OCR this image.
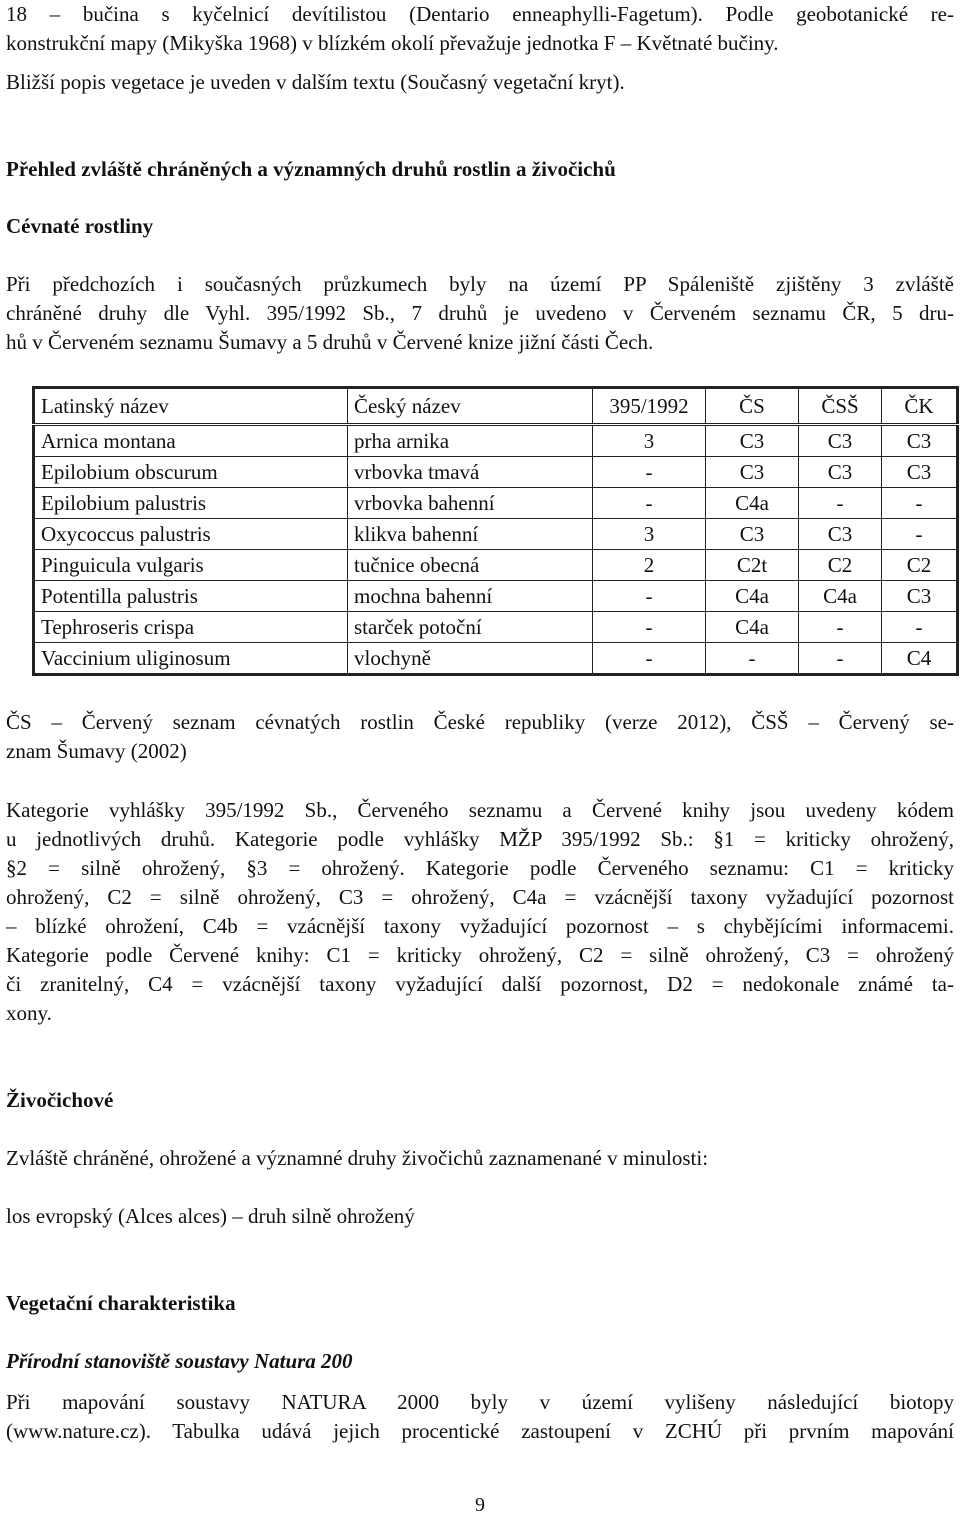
18 – bučina s kyčelnicí devítilistou (Dentario enneaphylli-Fagetum). Podle geobotanické re-

konstrukční mapy (Mikyška 1968) v blízkém okolí převažuje jednotka F – Květnaté bučiny.

Bližší popis vegetace je uveden v dalším textu (Současný vegetační kryt).

Přehled zvláště chráněných a významných druhů rostlin a živočichů
Cévnaté rostliny

Při předchozích i současných průzkumech byly na území PP Spáleniště zjištěny 3 zvláště

chráněné druhy dle Vyhl. 395/1992 Sb., 7 druhů je uvedeno v Červeném seznamu ČR, 5 dru-

hů v Červeném seznamu Šumavy a 5 druhů v Červené knize jižní části Čech.

Latinský název	Český název	395/1992	ČS	ČSŠ	ČK
Arnica montana	prha arnika	3	C3	C3	C3
Epilobium obscurum	vrbovka tmavá	-	C3	C3	C3
Epilobium palustris	vrbovka bahenní	-	C4a	-	-
Oxycoccus palustris	klikva bahenní	3	C3	C3	-
Pinguicula vulgaris	tučnice obecná	2	C2t	C2	C2
Potentilla palustris	mochna bahenní	-	C4a	C4a	C3
Tephroseris crispa	starček potoční	-	C4a	-	-
Vaccinium uliginosum	vlochyně	-	-	-	C4

ČS – Červený seznam cévnatých rostlin České republiky (verze 2012), ČSŠ – Červený se-

znam Šumavy (2002)

Kategorie vyhlášky 395/1992 Sb., Červeného seznamu a Červené knihy jsou uvedeny kódem

u jednotlivých druhů. Kategorie podle vyhlášky MŽP 395/1992 Sb.: §1 = kriticky ohrožený,

§2 = silně ohrožený, §3 = ohrožený. Kategorie podle Červeného seznamu: C1 = kriticky

ohrožený, C2 = silně ohrožený, C3 = ohrožený, C4a = vzácnější taxony vyžadující pozornost

– blízké ohrožení, C4b = vzácnější taxony vyžadující pozornost – s chybějícími informacemi.

Kategorie podle Červené knihy: C1 = kriticky ohrožený, C2 = silně ohrožený, C3 = ohrožený

či zranitelný, C4 = vzácnější taxony vyžadující další pozornost, D2 = nedokonale známé ta-

xony.

Živočichové
Zvláště chráněné, ohrožené a významné druhy živočichů zaznamenané v minulosti:
los evropský (Alces alces) – druh silně ohrožený
Vegetační charakteristika
Přírodní stanoviště soustavy Natura 200

Při mapování soustavy NATURA 2000 byly v území vylišeny následující biotopy

(www.nature.cz). Tabulka udává jejich procentické zastoupení v ZCHÚ při prvním mapování

9
